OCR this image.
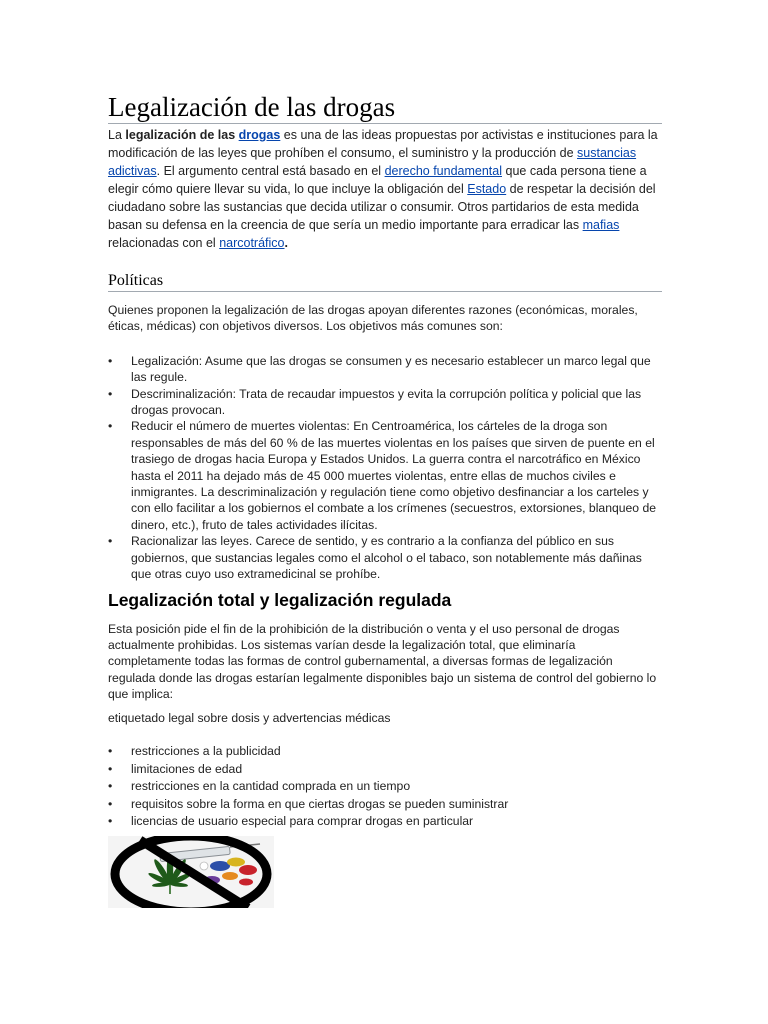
Legalización de las drogas

La legalización de las drogas es una de las ideas propuestas por activistas e instituciones para la modificación de las leyes que prohíben el consumo, el suministro y la producción de sustancias adictivas. El argumento central está basado en el derecho fundamental que cada persona tiene a elegir cómo quiere llevar su vida, lo que incluye la obligación del Estado de respetar la decisión del ciudadano sobre las sustancias que decida utilizar o consumir. Otros partidarios de esta medida basan su defensa en la creencia de que sería un medio importante para erradicar las mafias relacionadas con el narcotráfico.

Políticas

Quienes proponen la legalización de las drogas apoyan diferentes razones (económicas, morales, éticas, médicas) con objetivos diversos. Los objetivos más comunes son:

• Legalización: Asume que las drogas se consumen y es necesario establecer un marco legal que las regule.
• Descriminalización: Trata de recaudar impuestos y evita la corrupción política y policial que las drogas provocan.
• Reducir el número de muertes violentas: En Centroamérica, los cárteles de la droga son responsables de más del 60 % de las muertes violentas en los países que sirven de puente en el trasiego de drogas hacia Europa y Estados Unidos. La guerra contra el narcotráfico en México hasta el 2011 ha dejado más de 45 000 muertes violentas, entre ellas de muchos civiles e inmigrantes. La descriminalización y regulación tiene como objetivo desfinanciar a los carteles y con ello facilitar a los gobiernos el combate a los crímenes (secuestros, extorsiones, blanqueo de dinero, etc.), fruto de tales actividades ilícitas.
• Racionalizar las leyes. Carece de sentido, y es contrario a la confianza del público en sus gobiernos, que sustancias legales como el alcohol o el tabaco, son notablemente más dañinas que otras cuyo uso extramedicinal se prohíbe.
Legalización total y legalización regulada

Esta posición pide el fin de la prohibición de la distribución o venta y el uso personal de drogas actualmente prohibidas. Los sistemas varían desde la legalización total, que eliminaría completamente todas las formas de control gubernamental, a diversas formas de legalización regulada donde las drogas estarían legalmente disponibles bajo un sistema de control del gobierno lo que implica:

etiquetado legal sobre dosis y advertencias médicas

• restricciones a la publicidad
• limitaciones de edad
• restricciones en la cantidad comprada en un tiempo
• requisitos sobre la forma en que ciertas drogas se pueden suministrar
• licencias de usuario especial para comprar drogas en particular
